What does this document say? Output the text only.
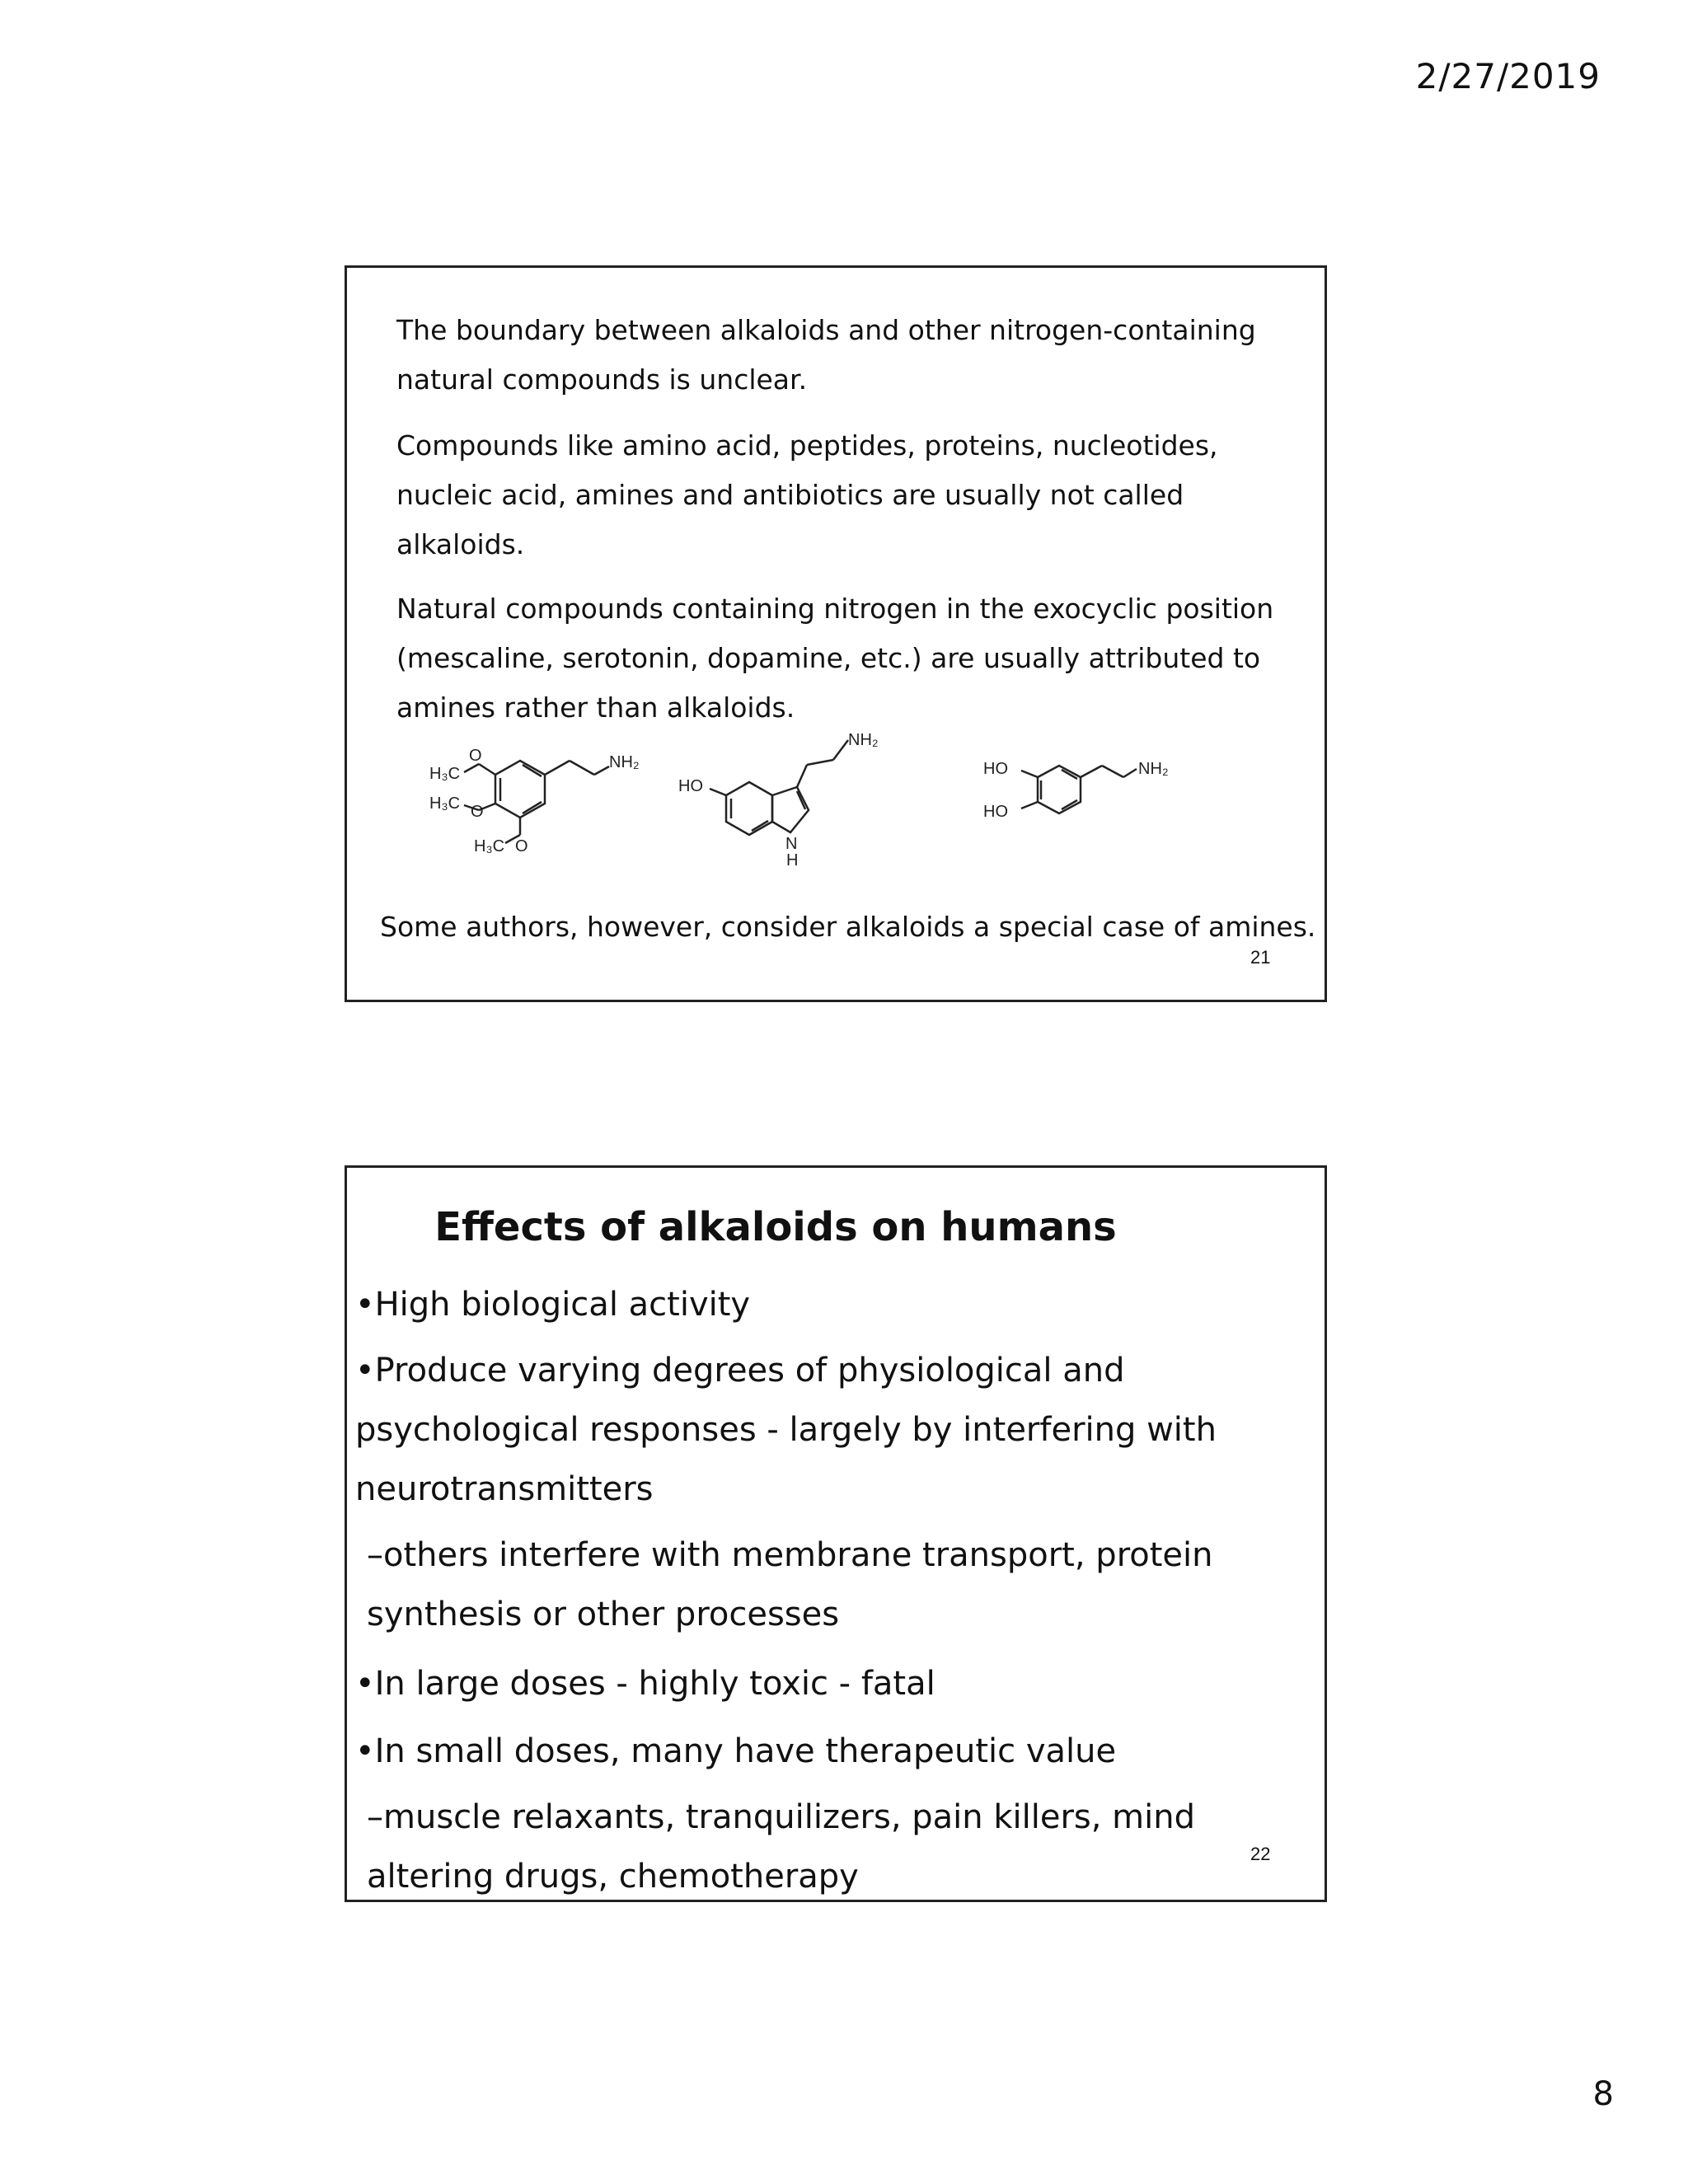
2/27/2019

The boundary between alkaloids and other nitrogen-containing natural compounds is unclear.

Compounds like amino acid, peptides, proteins, nucleotides, nucleic acid, amines and antibiotics are usually not called alkaloids.

Natural compounds containing nitrogen in the exocyclic position (mescaline, serotonin, dopamine, etc.) are usually attributed to amines rather than alkaloids.

O
O
O
H₃C
H₃C
H₃C
NH₂
HO
NH₂
N
H
HO
HO
NH₂

Some authors, however, consider alkaloids a special case of amines.

21
Effects of alkaloids on humans

•High biological activity

•Produce varying degrees of physiological and psychological responses - largely by interfering with neurotransmitters

–others interfere with membrane transport, protein synthesis or other processes

•In large doses - highly toxic - fatal

•In small doses, many have therapeutic value

–muscle relaxants, tranquilizers, pain killers, mind altering drugs, chemotherapy

22
8
